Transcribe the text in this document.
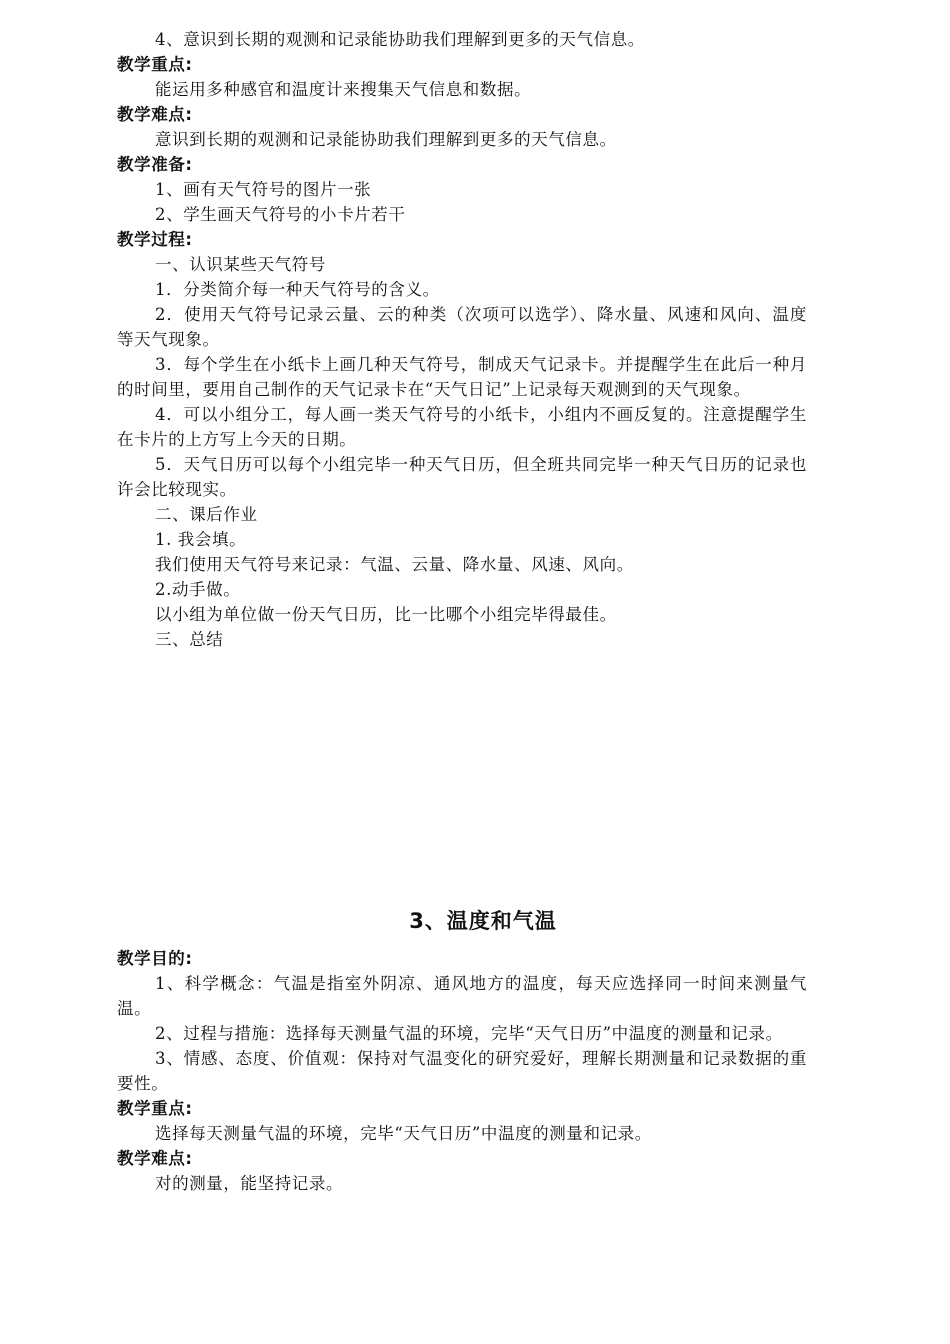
4、意识到长期的观测和记录能协助我们理解到更多的天气信息。
教学重点:
能运用多种感官和温度计来搜集天气信息和数据。
教学难点:
意识到长期的观测和记录能协助我们理解到更多的天气信息。
教学准备:
1、画有天气符号的图片一张
2、学生画天气符号的小卡片若干
教学过程:
一、认识某些天气符号
1．分类简介每一种天气符号的含义。
2．使用天气符号记录云量、云的种类（次项可以选学）、降水量、风速和风向、温度等天气现象。
3．每个学生在小纸卡上画几种天气符号，制成天气记录卡。并提醒学生在此后一种月的时间里，要用自己制作的天气记录卡在“天气日记”上记录每天观测到的天气现象。
4．可以小组分工，每人画一类天气符号的小纸卡，小组内不画反复的。注意提醒学生在卡片的上方写上今天的日期。
5．天气日历可以每个小组完毕一种天气日历，但全班共同完毕一种天气日历的记录也许会比较现实。
二、课后作业
1. 我会填。
我们使用天气符号来记录：气温、云量、降水量、风速、风向。
2.动手做。
以小组为单位做一份天气日历，比一比哪个小组完毕得最佳。
三、总结
3、温度和气温
教学目的:
1、科学概念：气温是指室外阴凉、通风地方的温度，每天应选择同一时间来测量气温。
2、过程与措施：选择每天测量气温的环境，完毕“天气日历”中温度的测量和记录。
3、情感、态度、价值观：保持对气温变化的研究爱好，理解长期测量和记录数据的重要性。
教学重点:
选择每天测量气温的环境，完毕“天气日历”中温度的测量和记录。
教学难点:
对的测量，能坚持记录。
